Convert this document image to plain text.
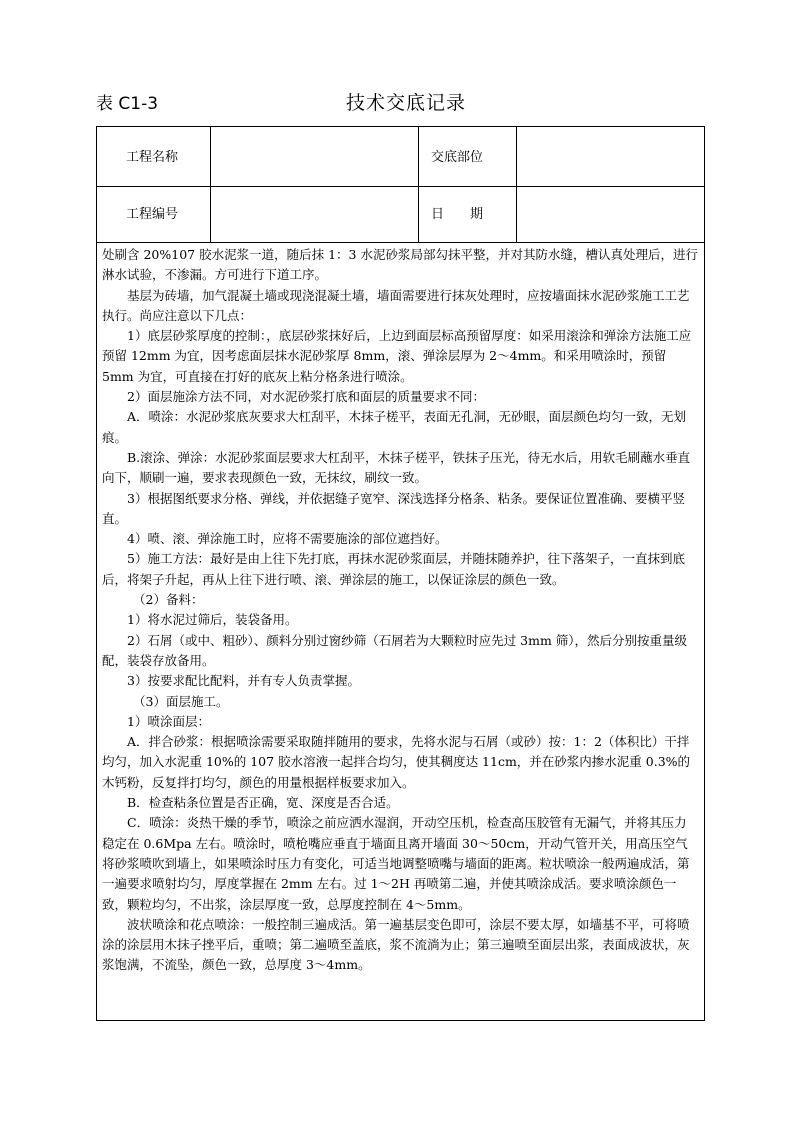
表 C1-3	技术交底记录
工程名称	交底部位
工程编号	日　　期

处刷含 20%107 胶水泥浆一道，随后抹 1：3 水泥砂浆局部勾抹平整，并对其防水缝，槽认真处理后，进行淋水试验，不渗漏。方可进行下道工序。

基层为砖墙，加气混凝土墙或现浇混凝土墙，墙面需要进行抹灰处理时，应按墙面抹水泥砂浆施工工艺执行。尚应注意以下几点：

1）底层砂浆厚度的控制：，底层砂浆抹好后，上边到面层标高预留厚度：如采用滚涂和弹涂方法施工应预留 12mm 为宜，因考虑面层抹水泥砂浆厚 8mm，滚、弹涂层厚为 2～4mm。和采用喷涂时，预留 5mm 为宜，可直接在打好的底灰上粘分格条进行喷涂。

2）面层施涂方法不同，对水泥砂浆打底和面层的质量要求不同：

A．喷涂：水泥砂浆底灰要求大杠刮平，木抹子槎平，表面无孔洞，无砂眼，面层颜色均匀一致，无划痕。

B.滚涂、弹涂：水泥砂浆面层要求大杠刮平，木抹子槎平，铁抹子压光，待无水后，用软毛刷蘸水垂直向下，顺刷一遍，要求表现颜色一致，无抹纹，刷纹一致。

3）根据图纸要求分格、弹线，并依据缝子宽窄、深浅选择分格条、粘条。要保证位置准确、要横平竖直。

4）喷、滚、弹涂施工时，应将不需要施涂的部位遮挡好。

5）施工方法：最好是由上往下先打底，再抹水泥砂浆面层，并随抹随养护，往下落架子，一直抹到底后，将架子升起，再从上往下进行喷、滚、弹涂层的施工，以保证涂层的颜色一致。

（2）备料：

1）将水泥过筛后，装袋备用。

2）石屑（或中、粗砂）、颜料分别过窗纱筛（石屑若为大颗粒时应先过 3mm 筛），然后分别按重量级配，装袋存放备用。

3）按要求配比配料，并有专人负责掌握。

（3）面层施工。

1）喷涂面层：

A．拌合砂浆：根据喷涂需要采取随拌随用的要求，先将水泥与石屑（或砂）按：1：2（体积比）干拌均匀，加入水泥重 10%的 107 胶水溶液一起拌合均匀，使其稠度达 11cm，并在砂浆内掺水泥重 0.3%的木钙粉，反复拌打均匀，颜色的用量根据样板要求加入。

B．检查粘条位置是否正确，宽、深度是否合适。

C．喷涂：炎热干燥的季节，喷涂之前应洒水湿润，开动空压机，检查高压胶管有无漏气，并将其压力稳定在 0.6Mpa 左右。喷涂时，喷枪嘴应垂直于墙面且离开墙面 30～50cm，开动气管开关，用高压空气将砂浆喷吹到墙上，如果喷涂时压力有变化，可适当地调整喷嘴与墙面的距离。粒状喷涂一般两遍成活，第一遍要求喷射均匀，厚度掌握在 2mm 左右。过 1～2H 再喷第二遍，并使其喷涂成活。要求喷涂颜色一致，颗粒均匀，不出浆，涂层厚度一致，总厚度控制在 4～5mm。

波状喷涂和花点喷涂：一般控制三遍成活。第一遍基层变色即可，涂层不要太厚，如墙基不平，可将喷涂的涂层用木抹子挫平后，重喷；第二遍喷至盖底，浆不流淌为止；第三遍喷至面层出浆，表面成波状，灰浆饱满，不流坠，颜色一致，总厚度 3～4mm。
